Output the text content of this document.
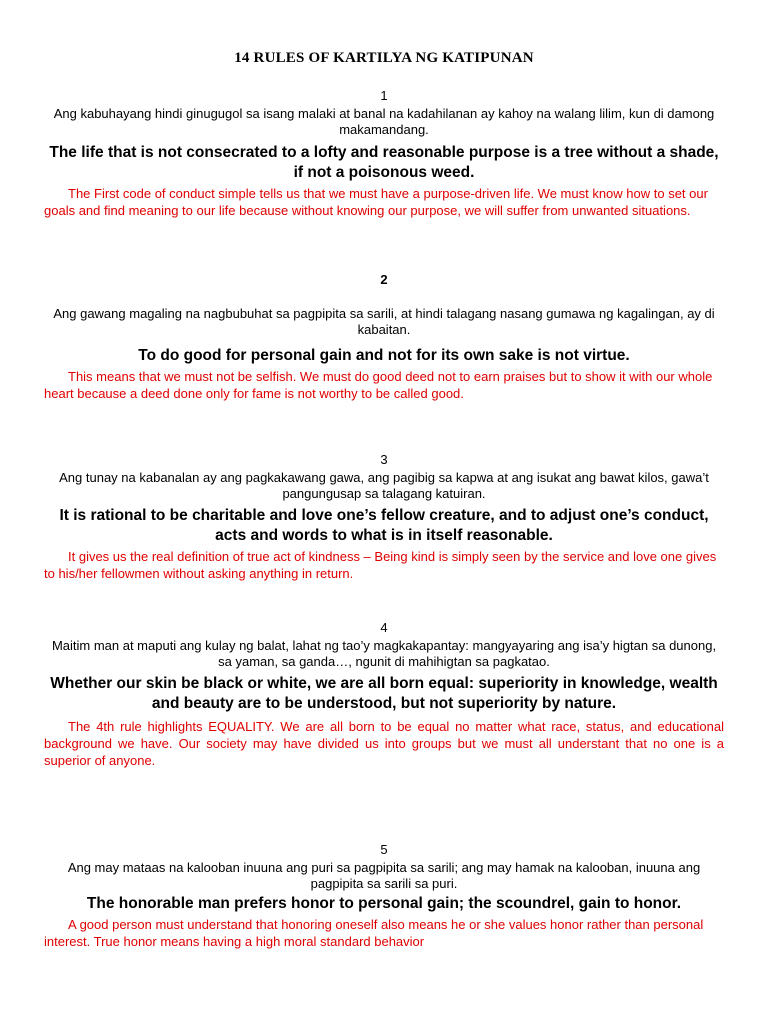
14 RULES OF KARTILYA NG KATIPUNAN
1
Ang kabuhayang hindi ginugugol sa isang malaki at banal na kadahilanan ay kahoy na walang lilim, kun di damong makamandang.
The life that is not consecrated to a lofty and reasonable purpose is a tree without a shade, if not a poisonous weed.
The First code of conduct simple tells us that we must have a purpose-driven life. We must know how to set our goals and find meaning to our life because without knowing our purpose, we will suffer from unwanted situations.
2
Ang gawang magaling na nagbubuhat sa pagpipita sa sarili, at hindi talagang nasang gumawa ng kagalingan, ay di kabaitan.
To do good for personal gain and not for its own sake is not virtue.
This means that we must not be selfish. We must do good deed not to earn praises but to show it with our whole heart because a deed done only for fame is not worthy to be called good.
3
Ang tunay na kabanalan ay ang pagkakawang gawa, ang pagibig sa kapwa at ang isukat ang bawat kilos, gawa’t pangungusap sa talagang katuiran.
It is rational to be charitable and love one’s fellow creature, and to adjust one’s conduct, acts and words to what is in itself reasonable.
It gives us the real definition of true act of kindness – Being kind is simply seen by the service and love one gives to his/her fellowmen without asking anything in return.
4
Maitim man at maputi ang kulay ng balat, lahat ng tao’y magkakapantay: mangyayaring ang isa’y higtan sa dunong, sa yaman, sa ganda…, ngunit di mahihigtan sa pagkatao.
Whether our skin be black or white, we are all born equal: superiority in knowledge, wealth and beauty are to be understood, but not superiority by nature.
The 4th rule highlights EQUALITY. We are all born to be equal no matter what race, status, and educational background we have. Our society may have divided us into groups but we must all understant that no one is a superior of anyone.
5
Ang may mataas na kalooban inuuna ang puri sa pagpipita sa sarili; ang may hamak na kalooban, inuuna ang pagpipita sa sarili sa puri.
The honorable man prefers honor to personal gain; the scoundrel, gain to honor.
A good person must understand that honoring oneself also means he or she values honor rather than personal interest. True honor means having a high moral standard behavior
